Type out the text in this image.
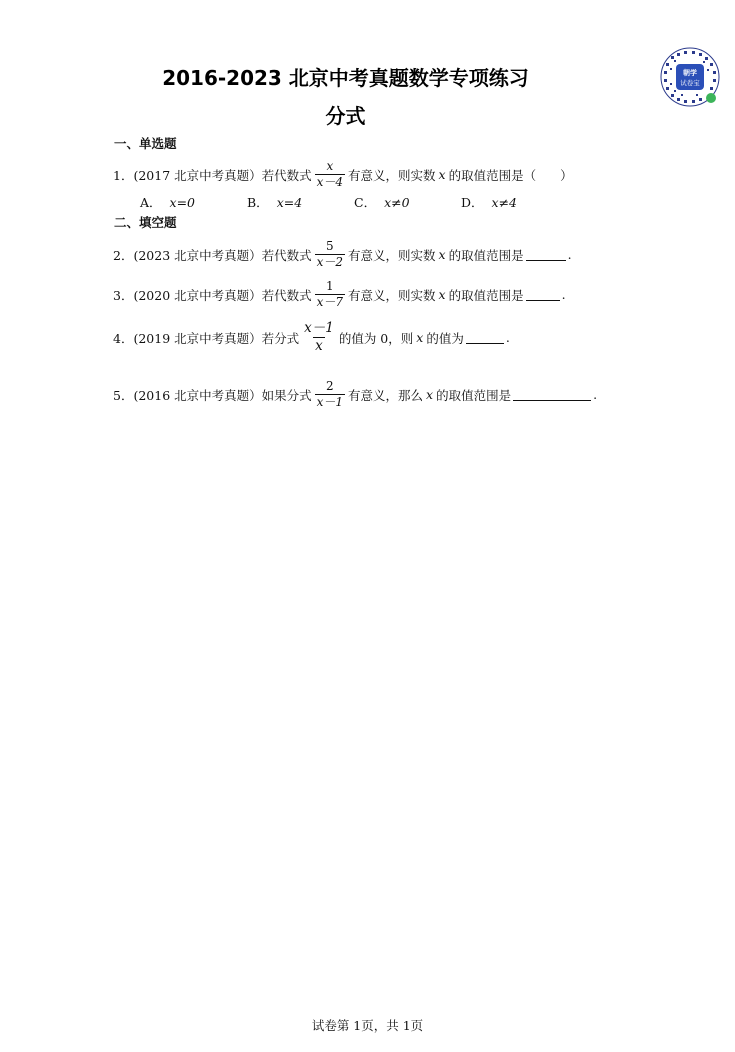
2016-2023 北京中考真题数学专项练习
分式
朝学
试卷宝
一、单选题
1．(2017 北京中考真题）若代数式 $\frac{x}{x-4}$ 有意义，则实数 x 的取值范围是（ ）
A． x=0	B． x=4	C． x≠0	D． x≠4
二、填空题
2．(2023 北京中考真题）若代数式 $\frac{5}{x-2}$ 有意义，则实数 x 的取值范围是	.
3．(2020 北京中考真题）若代数式 $\frac{1}{x-7}$ 有意义，则实数 x 的取值范围是	.
4．(2019 北京中考真题）若分式 $\frac{x-1}{x}$ 的值为 0，则 x 的值为	.
5．(2016 北京中考真题）如果分式 $\frac{2}{x-1}$ 有意义，那么 x 的取值范围是	.
试卷第 1页，共 1页
